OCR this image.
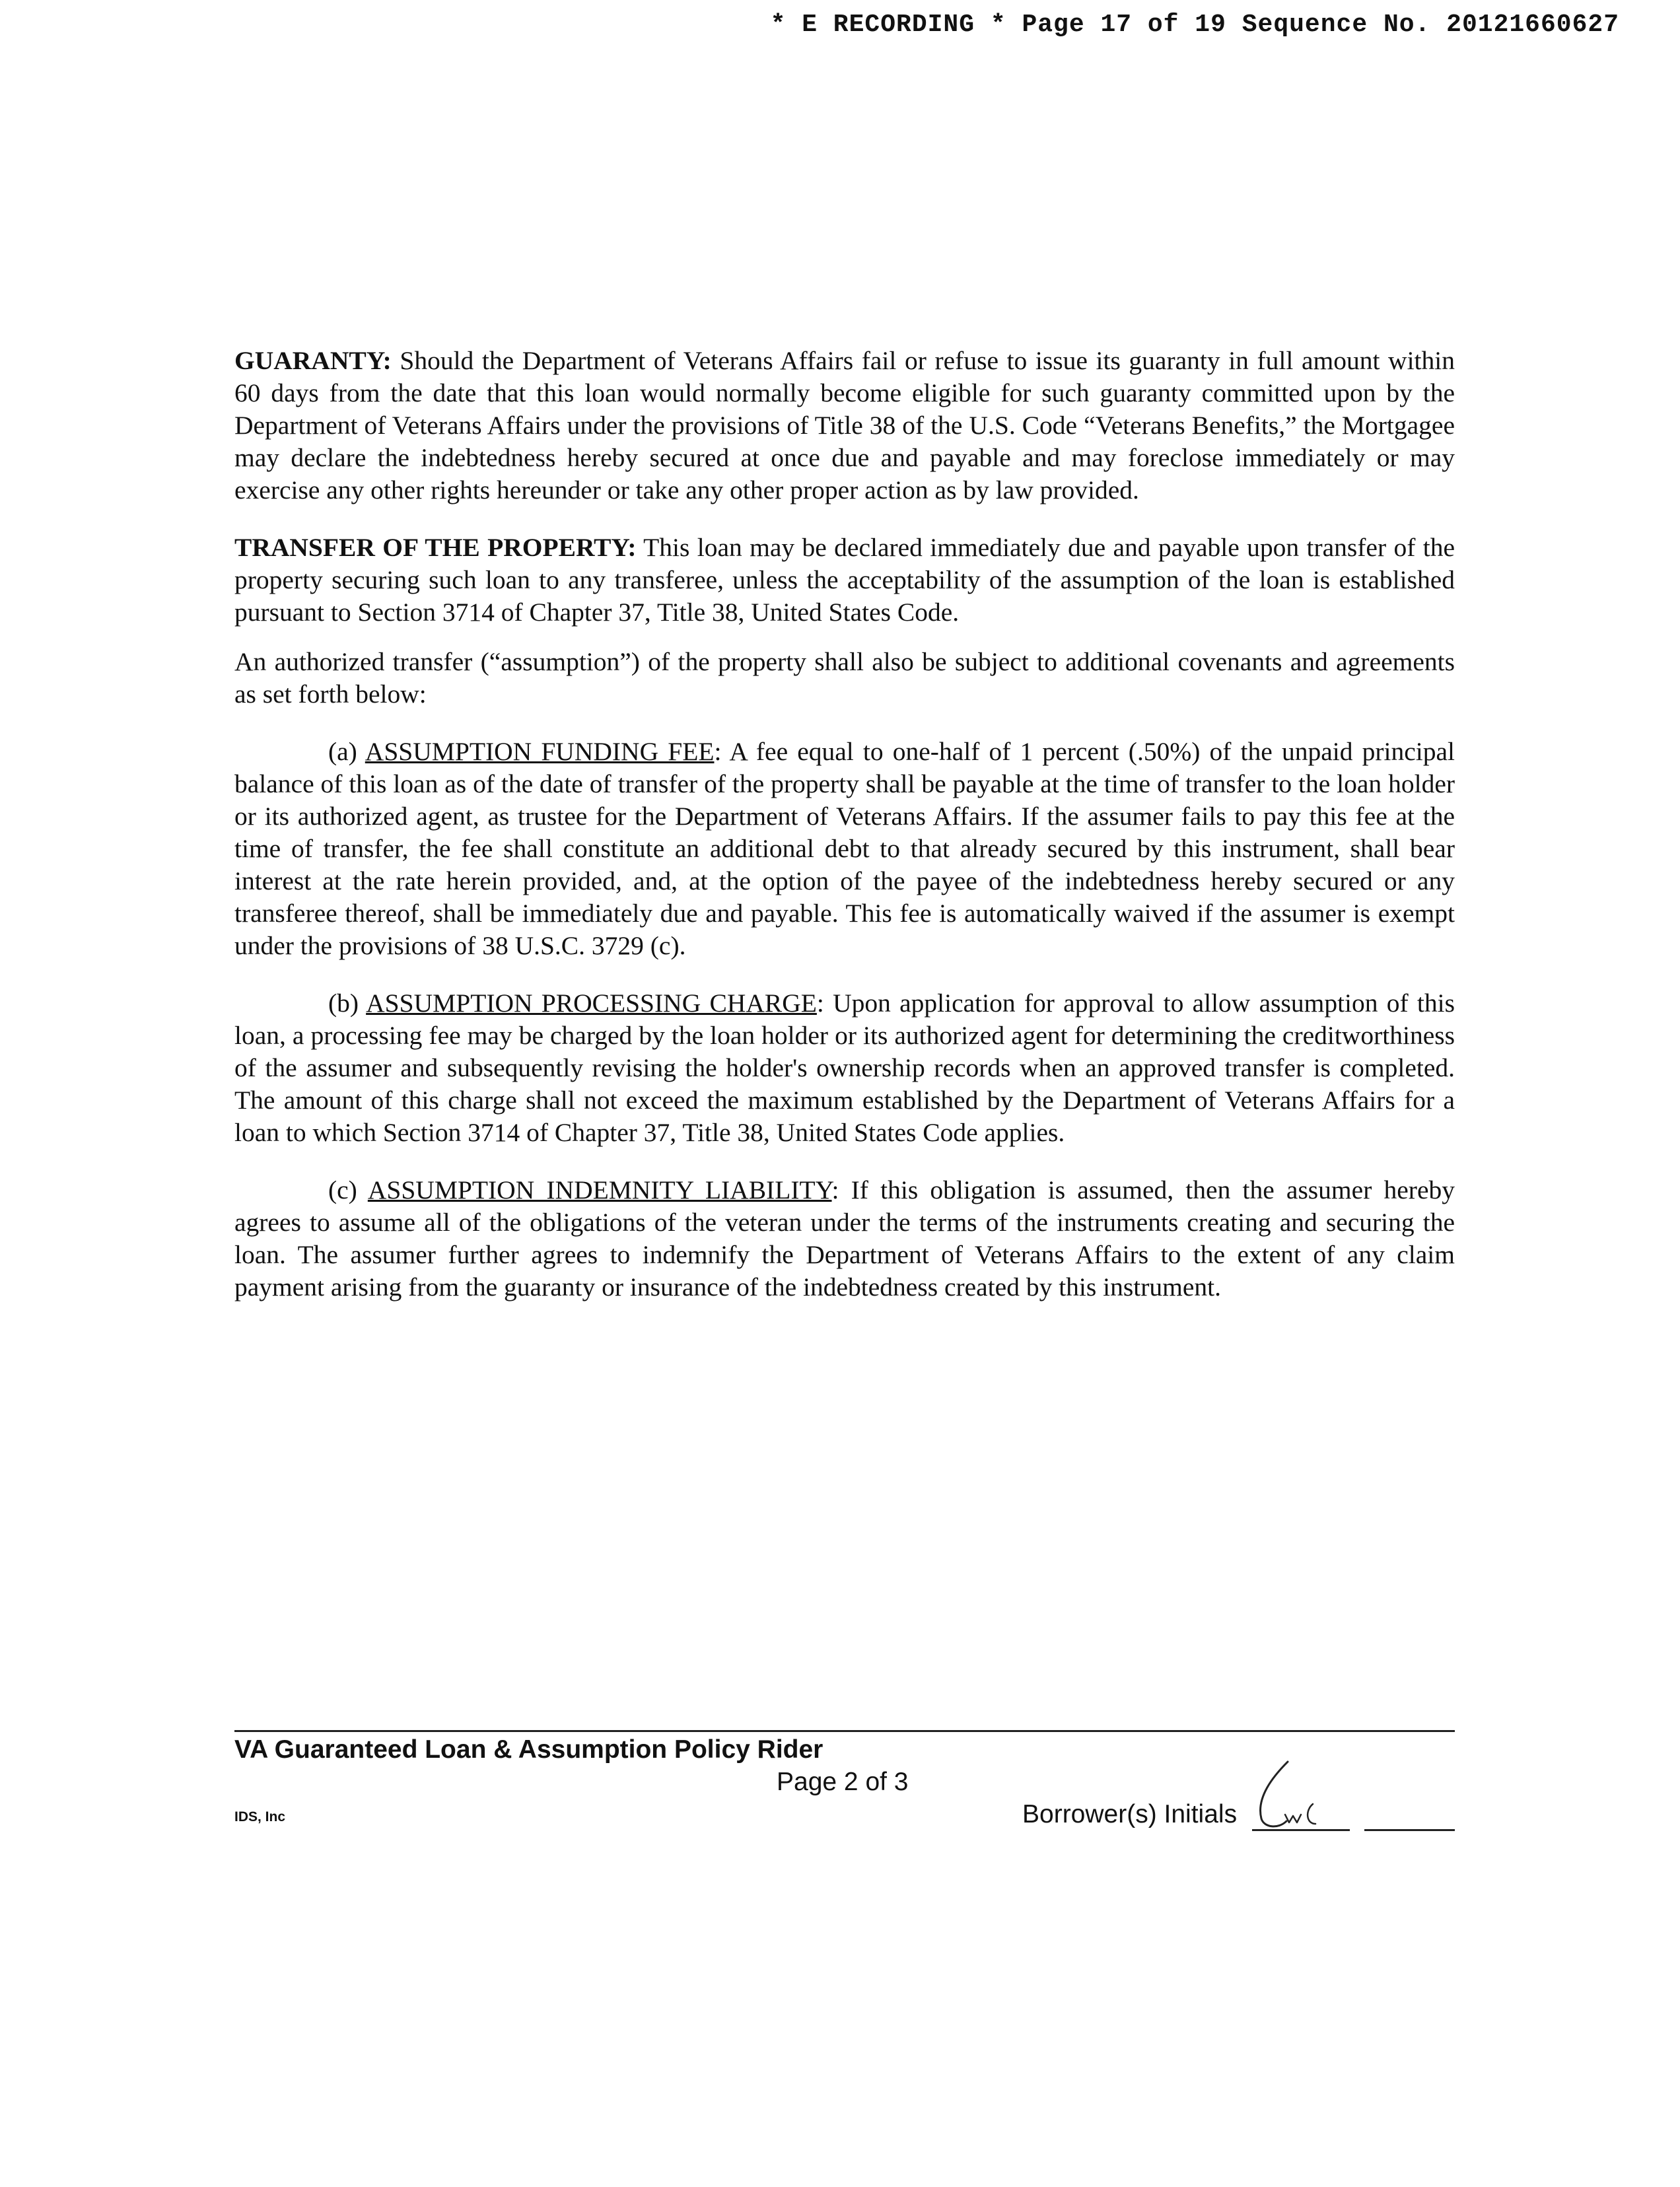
* E RECORDING * Page 17 of 19 Sequence No. 20121660627

GUARANTY: Should the Department of Veterans Affairs fail or refuse to issue its guaranty in full amount within 60 days from the date that this loan would normally become eligible for such guaranty committed upon by the Department of Veterans Affairs under the provisions of Title 38 of the U.S. Code “Veterans Benefits,” the Mortgagee may declare the indebtedness hereby secured at once due and payable and may foreclose immediately or may exercise any other rights hereunder or take any other proper action as by law provided.

TRANSFER OF THE PROPERTY: This loan may be declared immediately due and payable upon transfer of the property securing such loan to any transferee, unless the acceptability of the assumption of the loan is established pursuant to Section 3714 of Chapter 37, Title 38, United States Code.

An authorized transfer (“assumption”) of the property shall also be subject to additional covenants and agreements as set forth below:

(a) ASSUMPTION FUNDING FEE: A fee equal to one-half of 1 percent (.50%) of the unpaid principal balance of this loan as of the date of transfer of the property shall be payable at the time of transfer to the loan holder or its authorized agent, as trustee for the Department of Veterans Affairs. If the assumer fails to pay this fee at the time of transfer, the fee shall constitute an additional debt to that already secured by this instrument, shall bear interest at the rate herein provided, and, at the option of the payee of the indebtedness hereby secured or any transferee thereof, shall be immediately due and payable. This fee is automatically waived if the assumer is exempt under the provisions of 38 U.S.C. 3729 (c).

(b) ASSUMPTION PROCESSING CHARGE: Upon application for approval to allow assumption of this loan, a processing fee may be charged by the loan holder or its authorized agent for determining the creditworthiness of the assumer and subsequently revising the holder's ownership records when an approved transfer is completed. The amount of this charge shall not exceed the maximum established by the Department of Veterans Affairs for a loan to which Section 3714 of Chapter 37, Title 38, United States Code applies.

(c) ASSUMPTION INDEMNITY LIABILITY: If this obligation is assumed, then the assumer hereby agrees to assume all of the obligations of the veteran under the terms of the instruments creating and securing the loan. The assumer further agrees to indemnify the Department of Veterans Affairs to the extent of any claim payment arising from the guaranty or insurance of the indebtedness created by this instrument.

VA Guaranteed Loan & Assumption Policy Rider
Page 2 of 3
IDS, Inc	Borrower(s) Initials
